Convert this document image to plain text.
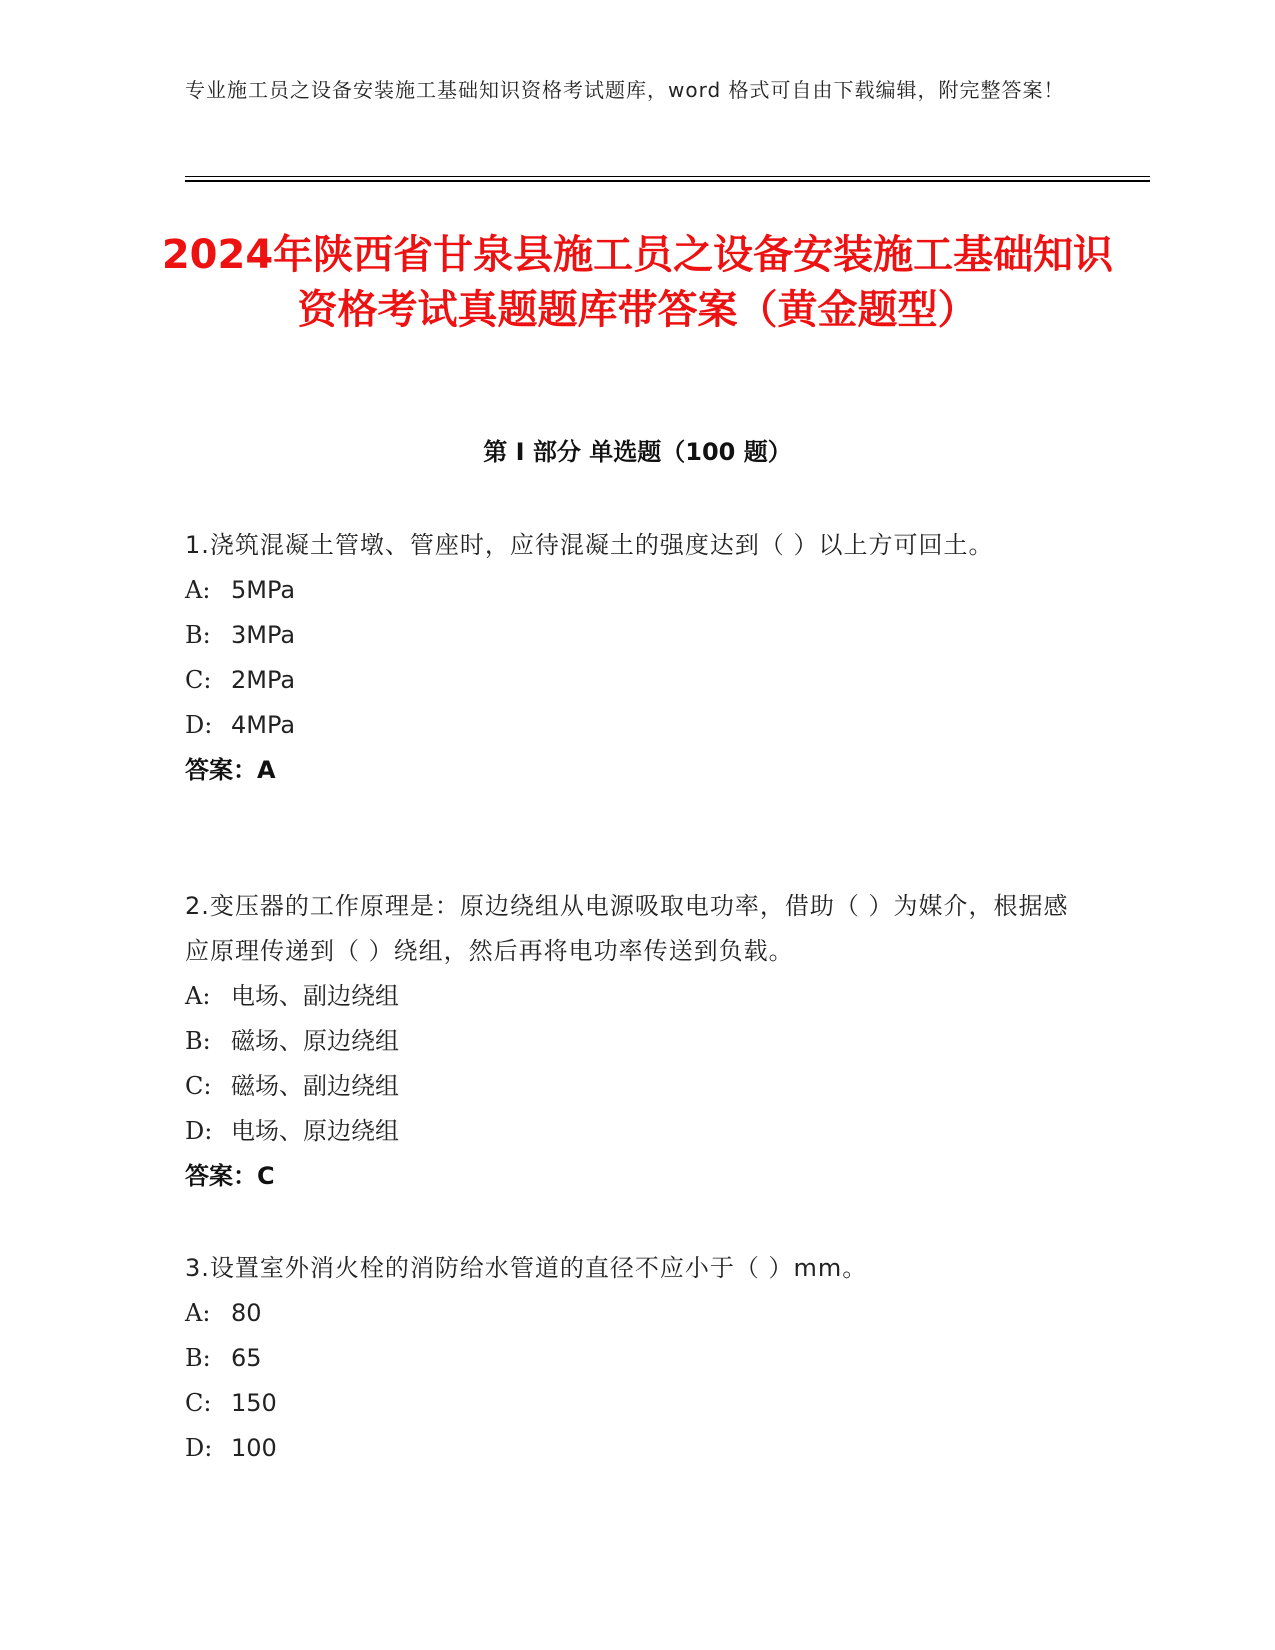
专业施工员之设备安装施工基础知识资格考试题库，word 格式可自由下载编辑，附完整答案！
2024年陕西省甘泉县施工员之设备安装施工基础知识资格考试真题题库带答案（黄金题型）
第 I 部分 单选题（100 题）

1.浇筑混凝土管墩、管座时，应待混凝土的强度达到（ ）以上方可回土。

A: 5MPa

B: 3MPa

C: 2MPa

D: 4MPa

答案：A

2.变压器的工作原理是：原边绕组从电源吸取电功率，借助（ ）为媒介，根据感应原理传递到（ ）绕组，然后再将电功率传送到负载。

A: 电场、副边绕组

B: 磁场、原边绕组

C: 磁场、副边绕组

D: 电场、原边绕组

答案：C

3.设置室外消火栓的消防给水管道的直径不应小于（ ）mm。

A: 80

B: 65

C: 150

D: 100
